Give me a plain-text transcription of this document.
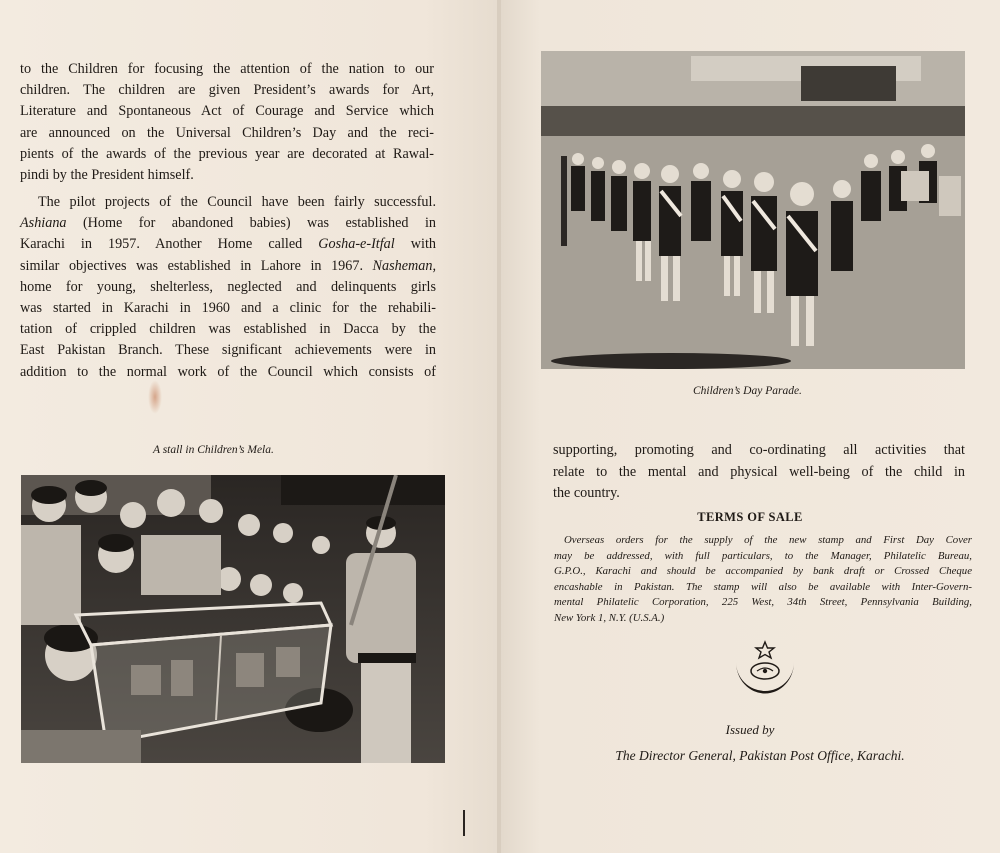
to the Children for focusing the attention of the nation to our
children. The children are given President’s awards for Art,
Literature and Spontaneous Act of Courage and Service which
are announced on the Universal Children’s Day and the reci-
pients of the awards of the previous year are decorated at Rawal-
pindi by the President himself.
The pilot projects of the Council have been fairly successful.
Ashiana (Home for abandoned babies) was established in
Karachi in 1957. Another Home called Gosha-e-Itfal with
similar objectives was established in Lahore in 1967. Nasheman,
home for young, shelterless, neglected and delinquents girls
was started in Karachi in 1960 and a clinic for the rehabili-
tation of crippled children was established in Dacca by the
East Pakistan Branch. These significant achievements were in
addition to the normal work of the Council which consists of

A stall in Children’s Mela.

Children’s Day Parade.

supporting, promoting and co-ordinating all activities that
relate to the mental and physical well-being of the child in
the country.

TERMS OF SALE

Overseas orders for the supply of the new stamp and First Day Cover
may be addressed, with full particulars, to the Manager, Philatelic Bureau,
G.P.O., Karachi and should be accompanied by bank draft or Crossed Cheque
encashable in Pakistan. The stamp will also be available with Inter-Govern-
mental Philatelic Corporation, 225 West, 34th Street, Pennsylvania Building,
New York 1, N.Y. (U.S.A.)

Issued by

The Director General, Pakistan Post Office, Karachi.
